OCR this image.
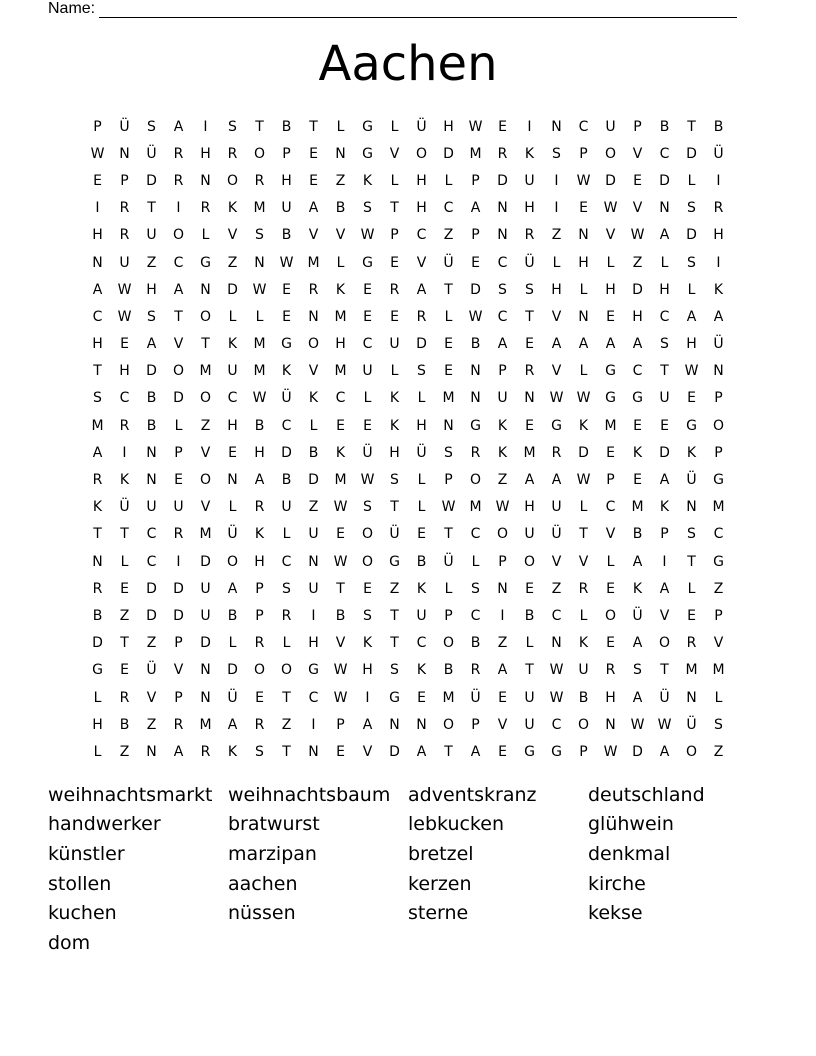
Name:
Aachen
P	Ü	S	A	I	S	T	B	T	L	G	L	Ü	H	W	E	I	N	C	U	P	B	T	B
W	N	Ü	R	H	R	O	P	E	N	G	V	O	D	M	R	K	S	P	O	V	C	D	Ü
E	P	D	R	N	O	R	H	E	Z	K	L	H	L	P	D	U	I	W	D	E	D	L	I
I	R	T	I	R	K	M	U	A	B	S	T	H	C	A	N	H	I	E	W	V	N	S	R
H	R	U	O	L	V	S	B	V	V	W	P	C	Z	P	N	R	Z	N	V	W	A	D	H
N	U	Z	C	G	Z	N	W	M	L	G	E	V	Ü	E	C	Ü	L	H	L	Z	L	S	I
A	W	H	A	N	D	W	E	R	K	E	R	A	T	D	S	S	H	L	H	D	H	L	K
C	W	S	T	O	L	L	E	N	M	E	E	R	L	W	C	T	V	N	E	H	C	A	A
H	E	A	V	T	K	M	G	O	H	C	U	D	E	B	A	E	A	A	A	A	S	H	Ü
T	H	D	O	M	U	M	K	V	M	U	L	S	E	N	P	R	V	L	G	C	T	W	N
S	C	B	D	O	C	W	Ü	K	C	L	K	L	M	N	U	N	W W	G	G	U	E	P
M	R	B	L	Z	H	B	C	L	E	E	K	H	N	G	K	E	G	K	M	E	E	G	O
A	I	N	P	V	E	H	D	B	K	Ü	H	Ü	S	R	K	M	R	D	E	K	D	K	P
R	K	N	E	O	N	A	B	D	M	W	S	L	P	O	Z	A	A	W	P	E	A	Ü	G
K	Ü	U	U	V	L	R	U	Z	W	S	T	L	W	M	W	H	U	L	C	M	K	N	M
T	T	C	R	M	Ü	K	L	U	E	O	Ü	E	T	C	O	U	Ü	T	V	B	P	S	C
N	L	C	I	D	O	H	C	N	W	O	G	B	Ü	L	P	O	V	V	L	A	I	T	G
R	E	D	D	U	A	P	S	U	T	E	Z	K	L	S	N	E	Z	R	E	K	A	L	Z
B	Z	D	D	U	B	P	R	I	B	S	T	U	P	C	I	B	C	L	O	Ü	V	E	P
D	T	Z	P	D	L	R	L	H	V	K	T	C	O	B	Z	L	N	K	E	A	O	R	V
G	E	Ü	V	N	D	O	O	G	W	H	S	K	B	R	A	T	W	U	R	S	T	M	M
L	R	V	P	N	Ü	E	T	C	W	I	G	E	M	Ü	E	U	W	B	H	A	Ü	N	L
H	B	Z	R	M	A	R	Z	I	P	A	N	N	O	P	V	U	C	O	N	W W	Ü	S
L	Z	N	A	R	K	S	T	N	E	V	D	A	T	A	E	G	G	P	W	D	A	O	Z
weihnachtsmarkt weihnachtsbaum adventskranz	deutschland
handwerker	bratwurst	lebkucken	glühwein
künstler	marzipan	bretzel	denkmal
stollen	aachen	kerzen	kirche
kuchen	nüssen	sterne	kekse
dom
